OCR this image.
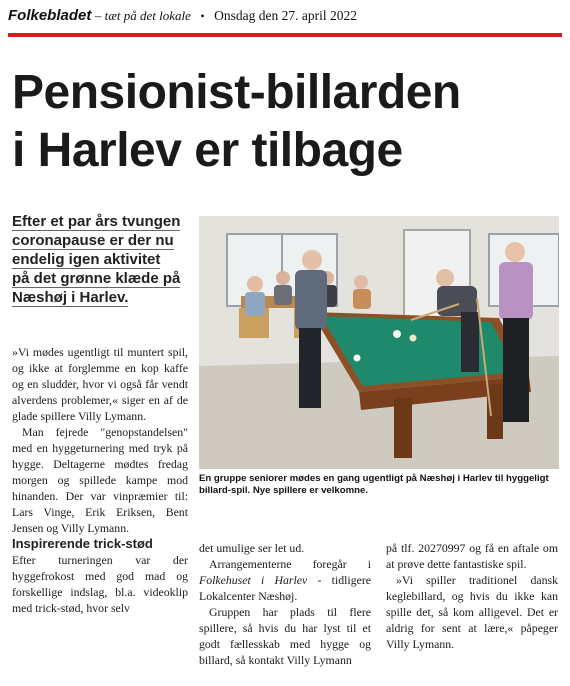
Folkebladet – tæt på det lokale • Onsdag den 27. april 2022
Pensionist-billarden
i Harlev er tilbage
Efter et par års tvungen
coronapause er der nu
endelig igen aktivitet
på det grønne klæde på
Næshøj i Harlev.
En gruppe seniorer mødes en gang ugentligt på Næshøj i Harlev til hyggeligt billard-spil. Nye spillere er velkomne.

»Vi mødes ugentligt til muntert spil, og ikke at forglemme en kop kaffe og en sludder, hvor vi også får vendt alverdens problemer,« siger en af de glade spillere Villy Lymann.

Man fejrede "genopstandelsen" med en hyggeturnering med tryk på hygge. Deltagerne mødtes fredag morgen og spillede kampe mod hinanden. Der var vinpræmier til: Lars Vinge, Erik Eriksen, Bent Jensen og Villy Lymann.

Inspirerende trick-stød

Efter turneringen var der hyggefrokost med god mad og forskellige indslag, bl.a. videoklip med trick-stød, hvor selv

det umulige ser let ud.

Arrangementerne foregår i Folkehuset i Harlev - tidligere Lokalcenter Næshøj.

Gruppen har plads til flere spillere, så hvis du har lyst til et godt fællesskab med hygge og billard, så kontakt Villy Lymann

på tlf. 20270997 og få en aftale om at prøve dette fantastiske spil.

»Vi spiller traditionel dansk keglebillard, og hvis du ikke kan spille det, så kom alligevel. Det er aldrig for sent at lære,« påpeger Villy Lymann.
